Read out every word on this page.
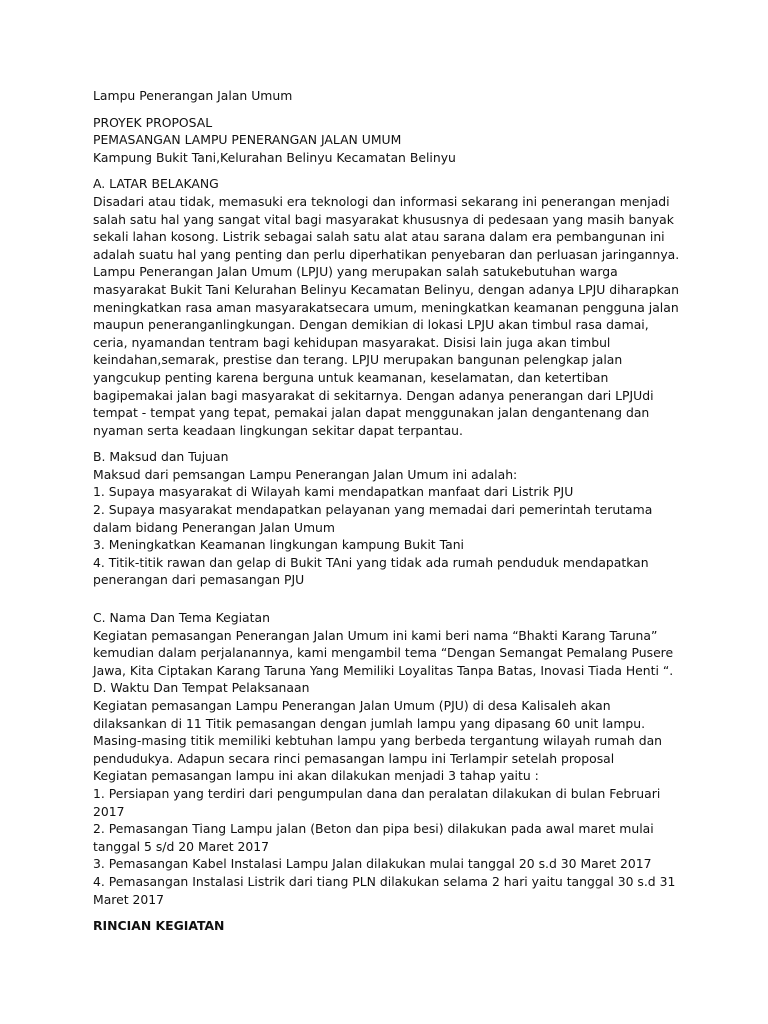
Lampu Penerangan Jalan Umum

PROYEK PROPOSAL

PEMASANGAN LAMPU PENERANGAN JALAN UMUM

Kampung Bukit Tani,Kelurahan Belinyu Kecamatan Belinyu

A. LATAR BELAKANG

Disadari atau tidak, memasuki era teknologi dan informasi sekarang ini penerangan menjadi salah satu hal yang sangat vital bagi masyarakat khususnya di pedesaan yang masih banyak sekali lahan kosong. Listrik sebagai salah satu alat atau sarana dalam era pembangunan ini adalah suatu hal yang penting dan perlu diperhatikan penyebaran dan perluasan jaringannya. Lampu Penerangan Jalan Umum (LPJU) yang merupakan salah satukebutuhan warga masyarakat Bukit Tani Kelurahan Belinyu Kecamatan Belinyu, dengan adanya LPJU diharapkan meningkatkan rasa aman masyarakatsecara umum, meningkatkan keamanan pengguna jalan maupun peneranganlingkungan. Dengan demikian di lokasi LPJU akan timbul rasa damai, ceria, nyamandan tentram bagi kehidupan masyarakat. Disisi lain juga akan timbul keindahan,semarak, prestise dan terang. LPJU merupakan bangunan pelengkap jalan yangcukup penting karena berguna untuk keamanan, keselamatan, dan ketertiban bagipemakai jalan bagi masyarakat di sekitarnya. Dengan adanya penerangan dari LPJUdi tempat - tempat yang tepat, pemakai jalan dapat menggunakan jalan dengantenang dan nyaman serta keadaan lingkungan sekitar dapat terpantau.

B. Maksud dan Tujuan

Maksud dari pemsangan Lampu Penerangan Jalan Umum ini adalah:

1. Supaya masyarakat di Wilayah kami mendapatkan manfaat dari Listrik PJU

2. Supaya masyarakat mendapatkan pelayanan yang memadai dari pemerintah terutama dalam bidang Penerangan Jalan Umum

3. Meningkatkan Keamanan lingkungan kampung Bukit Tani

4. Titik-titik rawan dan gelap di Bukit TAni yang tidak ada rumah penduduk mendapatkan penerangan dari pemasangan PJU

C. Nama Dan Tema Kegiatan

Kegiatan pemasangan Penerangan Jalan Umum ini kami beri nama “Bhakti Karang Taruna” kemudian dalam perjalanannya, kami mengambil tema “Dengan Semangat Pemalang Pusere Jawa, Kita Ciptakan Karang Taruna Yang Memiliki Loyalitas Tanpa Batas, Inovasi Tiada Henti “.

D. Waktu Dan Tempat Pelaksanaan

Kegiatan pemasangan Lampu Penerangan Jalan Umum (PJU) di desa Kalisaleh akan dilaksankan di 11 Titik pemasangan dengan jumlah lampu yang dipasang 60 unit lampu. Masing-masing titik memiliki kebtuhan lampu yang berbeda tergantung wilayah rumah dan pendudukya. Adapun secara rinci pemasangan lampu ini Terlampir setelah proposal

Kegiatan pemasangan lampu ini akan dilakukan menjadi 3 tahap yaitu :

1. Persiapan yang terdiri dari pengumpulan dana dan peralatan dilakukan di bulan Februari 2017

2. Pemasangan Tiang Lampu jalan (Beton dan pipa besi) dilakukan pada awal maret mulai tanggal 5 s/d 20 Maret 2017

3. Pemasangan Kabel Instalasi Lampu Jalan dilakukan mulai tanggal 20 s.d 30 Maret 2017

4. Pemasangan Instalasi Listrik dari tiang PLN dilakukan selama 2 hari yaitu tanggal 30 s.d 31 Maret 2017

RINCIAN KEGIATAN
